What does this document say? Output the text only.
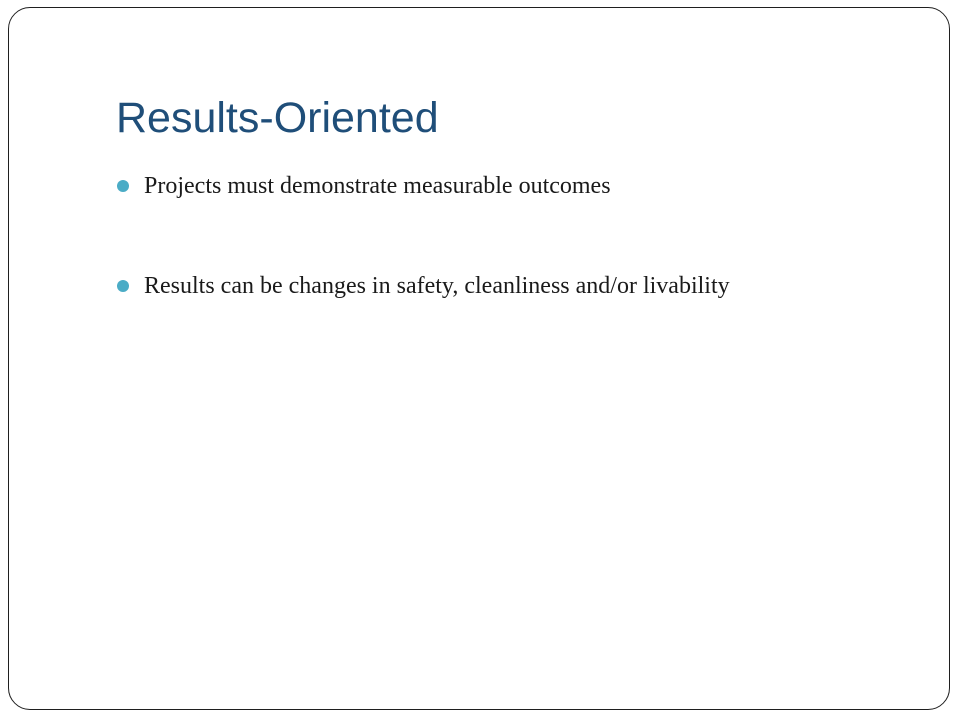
Results-Oriented
Projects must demonstrate measurable outcomes
Results can be changes in safety, cleanliness and/or livability
